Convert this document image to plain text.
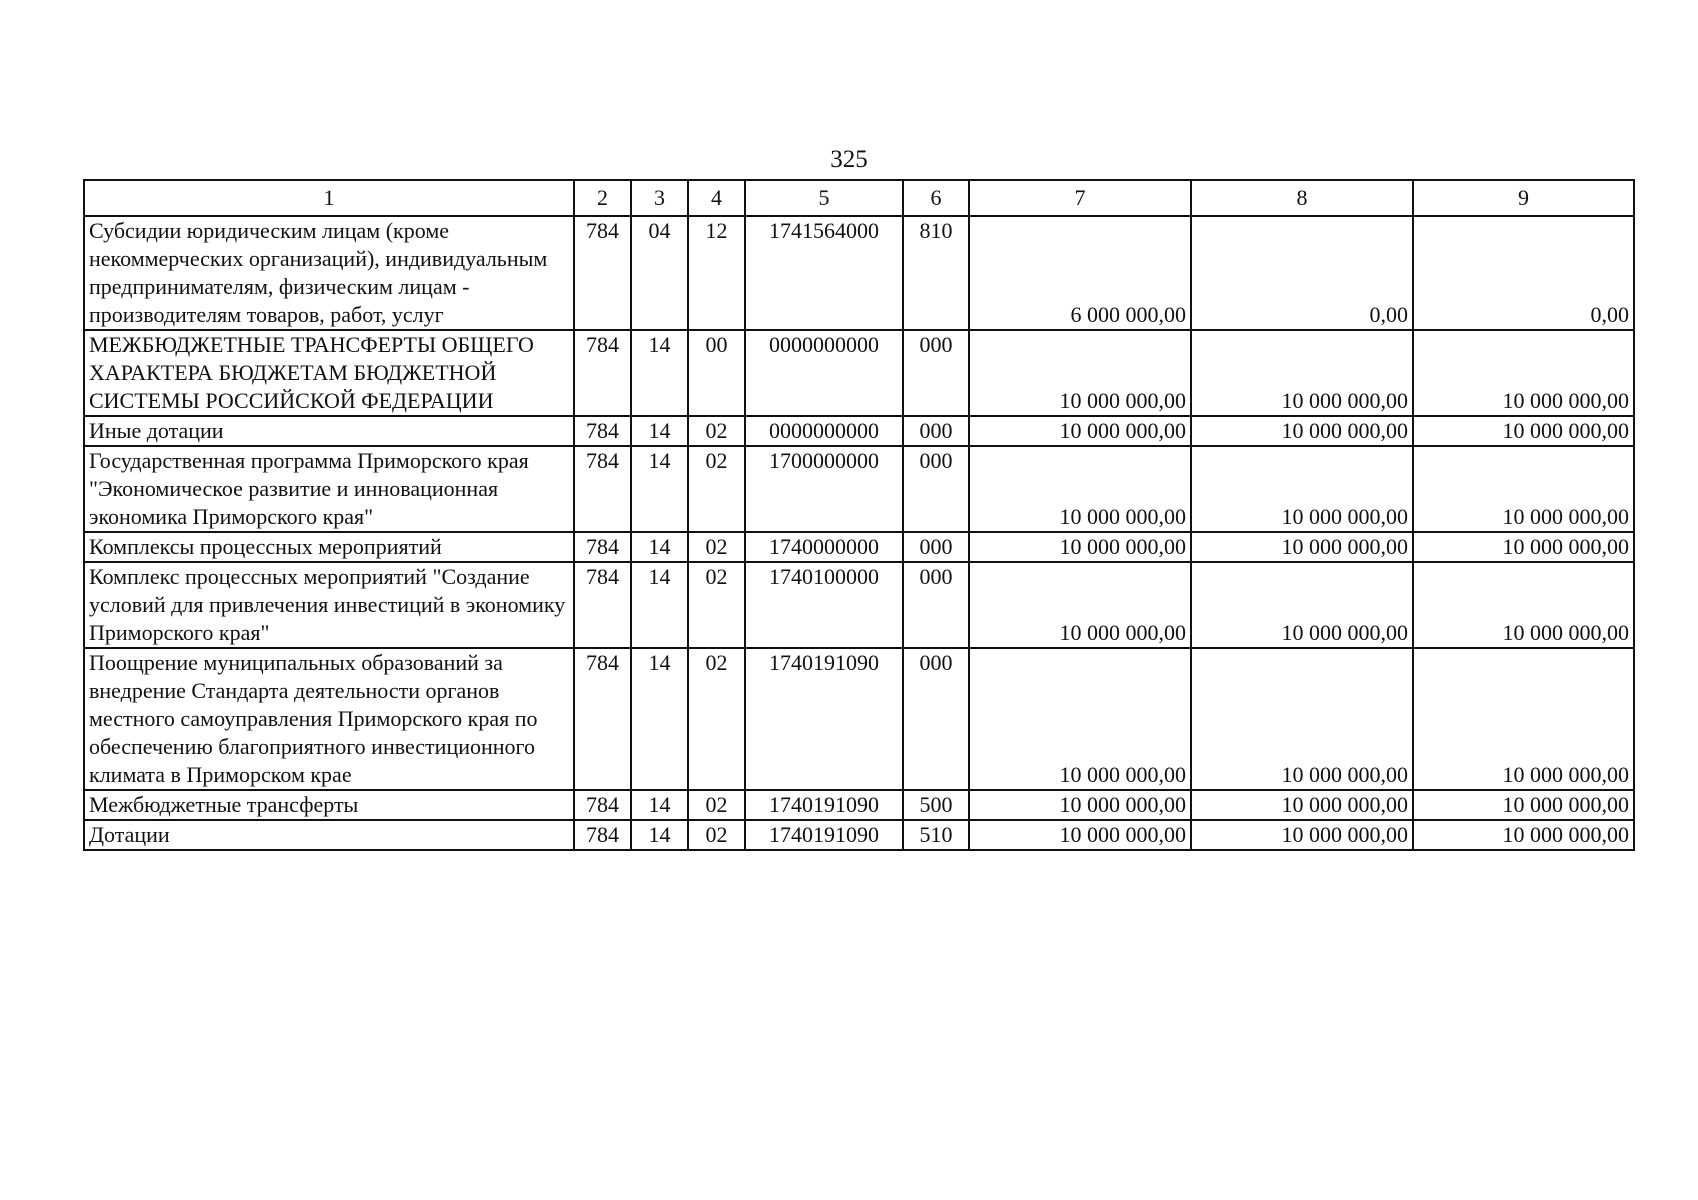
325
1	2	3	4	5	6	7	8	9
Субсидии юридическим лицам (кроме некоммерческих организаций), индивидуальным предпринимателям, физическим лицам - производителям товаров, работ, услуг	784	04	12	1741564000	810	6 000 000,00	0,00	0,00
МЕЖБЮДЖЕТНЫЕ ТРАНСФЕРТЫ ОБЩЕГО ХАРАКТЕРА БЮДЖЕТАМ БЮДЖЕТНОЙ СИСТЕМЫ РОССИЙСКОЙ ФЕДЕРАЦИИ	784	14	00	0000000000	000	10 000 000,00	10 000 000,00	10 000 000,00
Иные дотации	784	14	02	0000000000	000	10 000 000,00	10 000 000,00	10 000 000,00
Государственная программа Приморского края "Экономическое развитие и инновационная экономика Приморского края"	784	14	02	1700000000	000	10 000 000,00	10 000 000,00	10 000 000,00
Комплексы процессных мероприятий	784	14	02	1740000000	000	10 000 000,00	10 000 000,00	10 000 000,00
Комплекс процессных мероприятий "Создание условий для привлечения инвестиций в экономику Приморского края"	784	14	02	1740100000	000	10 000 000,00	10 000 000,00	10 000 000,00
Поощрение муниципальных образований за внедрение Стандарта деятельности органов местного самоуправления Приморского края по обеспечению благоприятного инвестиционного климата в Приморском крае	784	14	02	1740191090	000	10 000 000,00	10 000 000,00	10 000 000,00
Межбюджетные трансферты	784	14	02	1740191090	500	10 000 000,00	10 000 000,00	10 000 000,00
Дотации	784	14	02	1740191090	510	10 000 000,00	10 000 000,00	10 000 000,00
